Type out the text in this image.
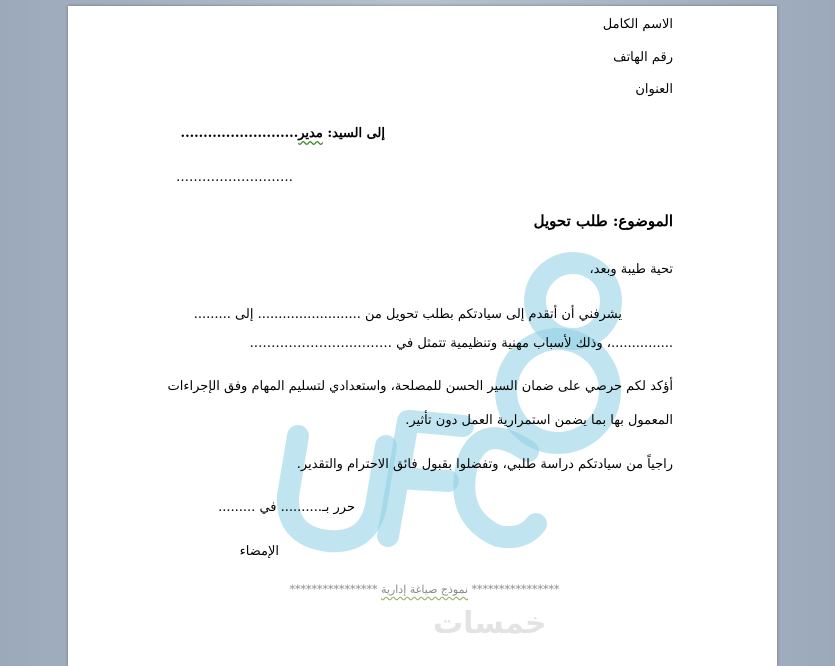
خمسات
الاسم الكامل
رقم الهاتف
العنوان
إلى السيد: مدير..........................
………………………
الموضوع: طلب تحويل
تحية طيبة وبعد،
يشرفني أن أتقدم إلى سيادتكم بطلب تحويل من ......................... إلى .........
...............، وذلك لأسباب مهنية وتنظيمية تتمثل في ………..………………….
أؤكد لكم حرصي على ضمان السير الحسن للمصلحة، واستعدادي لتسليم المهام وفق الإجراءات
المعمول بها بما يضمن استمرارية العمل دون تأثير.
راجياً من سيادتكم دراسة طلبي، وتفضلوا بقبول فائق الاحترام والتقدير.
حرر بـ.......... في .........
الإمضاء
**************** نموذج صياغة إدارية ****************
